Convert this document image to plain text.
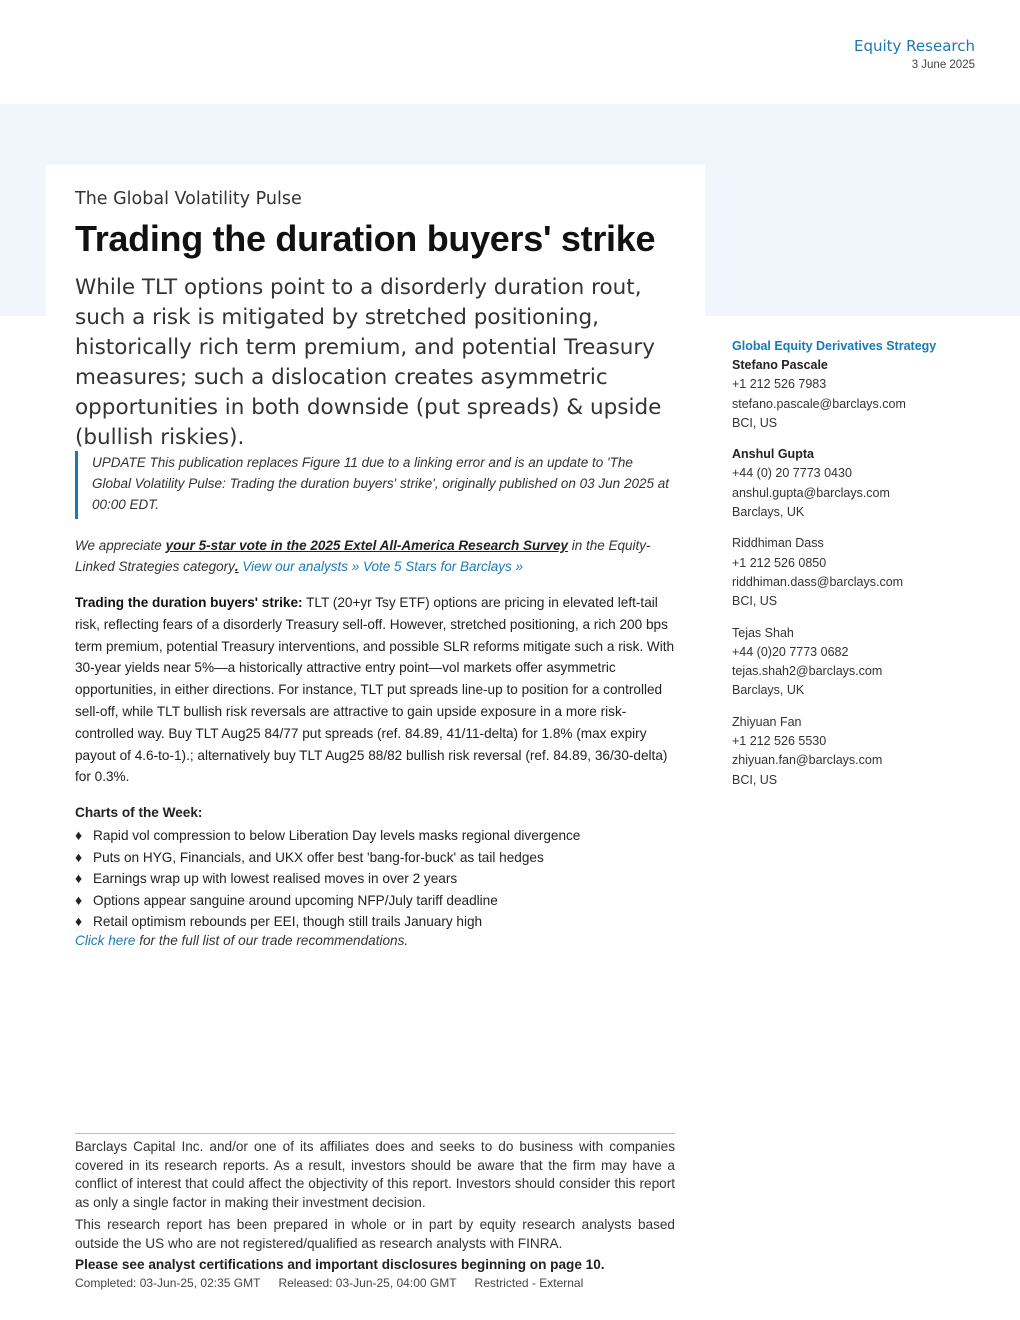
Equity Research
3 June 2025
The Global Volatility Pulse
Trading the duration buyers' strike
While TLT options point to a disorderly duration rout, such a risk is mitigated by stretched positioning, historically rich term premium, and potential Treasury measures; such a dislocation creates asymmetric opportunities in both downside (put spreads) & upside (bullish riskies).

UPDATE This publication replaces Figure 11 due to a linking error and is an update to 'The Global Volatility Pulse: Trading the duration buyers' strike', originally published on 03 Jun 2025 at 00:00 EDT.

We appreciate your 5-star vote in the 2025 Extel All-America Research Survey in the Equity-Linked Strategies category. View our analysts » Vote 5 Stars for Barclays »
Trading the duration buyers' strike: TLT (20+yr Tsy ETF) options are pricing in elevated left-tail risk, reflecting fears of a disorderly Treasury sell-off. However, stretched positioning, a rich 200 bps term premium, potential Treasury interventions, and possible SLR reforms mitigate such a risk. With 30-year yields near 5%—a historically attractive entry point—vol markets offer asymmetric opportunities, in either directions. For instance, TLT put spreads line-up to position for a controlled sell-off, while TLT bullish risk reversals are attractive to gain upside exposure in a more risk-controlled way. Buy TLT Aug25 84/77 put spreads (ref. 84.89, 41/11-delta) for 1.8% (max expiry payout of 4.6-to-1).; alternatively buy TLT Aug25 88/82 bullish risk reversal (ref. 84.89, 36/30-delta) for 0.3%.
Charts of the Week:
♦ Rapid vol compression to below Liberation Day levels masks regional divergence
♦ Puts on HYG, Financials, and UKX offer best 'bang-for-buck' as tail hedges
♦ Earnings wrap up with lowest realised moves in over 2 years
♦ Options appear sanguine around upcoming NFP/July tariff deadline
♦ Retail optimism rebounds per EEI, though still trails January high
Click here for the full list of our trade recommendations.

Barclays Capital Inc. and/or one of its affiliates does and seeks to do business with companies covered in its research reports. As a result, investors should be aware that the firm may have a conflict of interest that could affect the objectivity of this report. Investors should consider this report as only a single factor in making their investment decision.

This research report has been prepared in whole or in part by equity research analysts based outside the US who are not registered/qualified as research analysts with FINRA.

Please see analyst certifications and important disclosures beginning on page 10.
Completed: 03-Jun-25, 02:35 GMT Released: 03-Jun-25, 04:00 GMT Restricted - External
Global Equity Derivatives Strategy
Stefano Pascale
+1 212 526 7983
stefano.pascale@barclays.com
BCI, US
Anshul Gupta
+44 (0) 20 7773 0430
anshul.gupta@barclays.com
Barclays, UK
Riddhiman Dass
+1 212 526 0850
riddhiman.dass@barclays.com
BCI, US
Tejas Shah
+44 (0)20 7773 0682
tejas.shah2@barclays.com
Barclays, UK
Zhiyuan Fan
+1 212 526 5530
zhiyuan.fan@barclays.com
BCI, US
